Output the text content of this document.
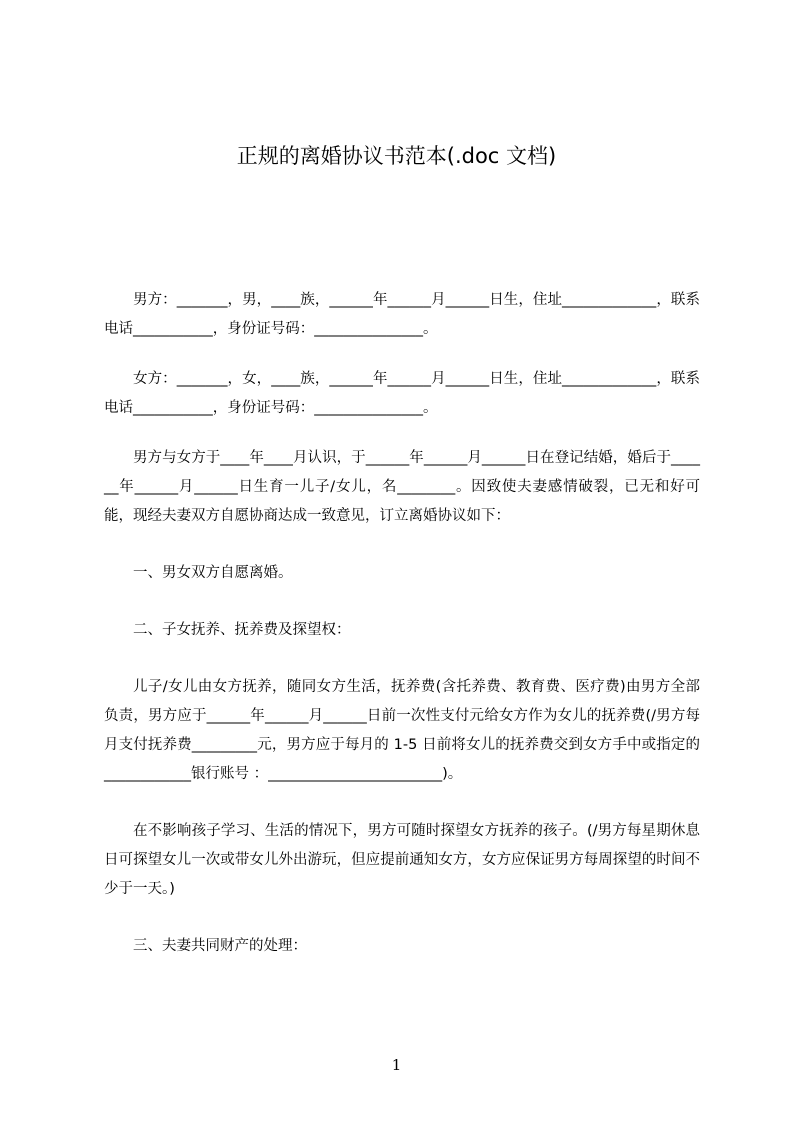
正规的离婚协议书范本(.doc 文档)

男方：_______，男，____族，______年______月______日生，住址_____________，联系电话___________，身份证号码：_______________。

女方：_______，女，____族，______年______月______日生，住址_____________，联系电话___________，身份证号码：_______________。

男方与女方于____年____月认识，于______年______月______日在登记结婚，婚后于______年______月______日生育一儿子/女儿，名________。因致使夫妻感情破裂，已无和好可能，现经夫妻双方自愿协商达成一致意见，订立离婚协议如下：

一、男女双方自愿离婚。

二、子女抚养、抚养费及探望权：

儿子/女儿由女方抚养，随同女方生活，抚养费(含托养费、教育费、医疗费)由男方全部负责，男方应于______年______月______日前一次性支付元给女方作为女儿的抚养费(/男方每月支付抚养费_________元，男方应于每月的 1-5 日前将女儿的抚养费交到女方手中或指定的____________银行账号 ：________________________)。

在不影响孩子学习、生活的情况下，男方可随时探望女方抚养的孩子。(/男方每星期休息日可探望女儿一次或带女儿外出游玩，但应提前通知女方，女方应保证男方每周探望的时间不少于一天。)

三、夫妻共同财产的处理：

1
